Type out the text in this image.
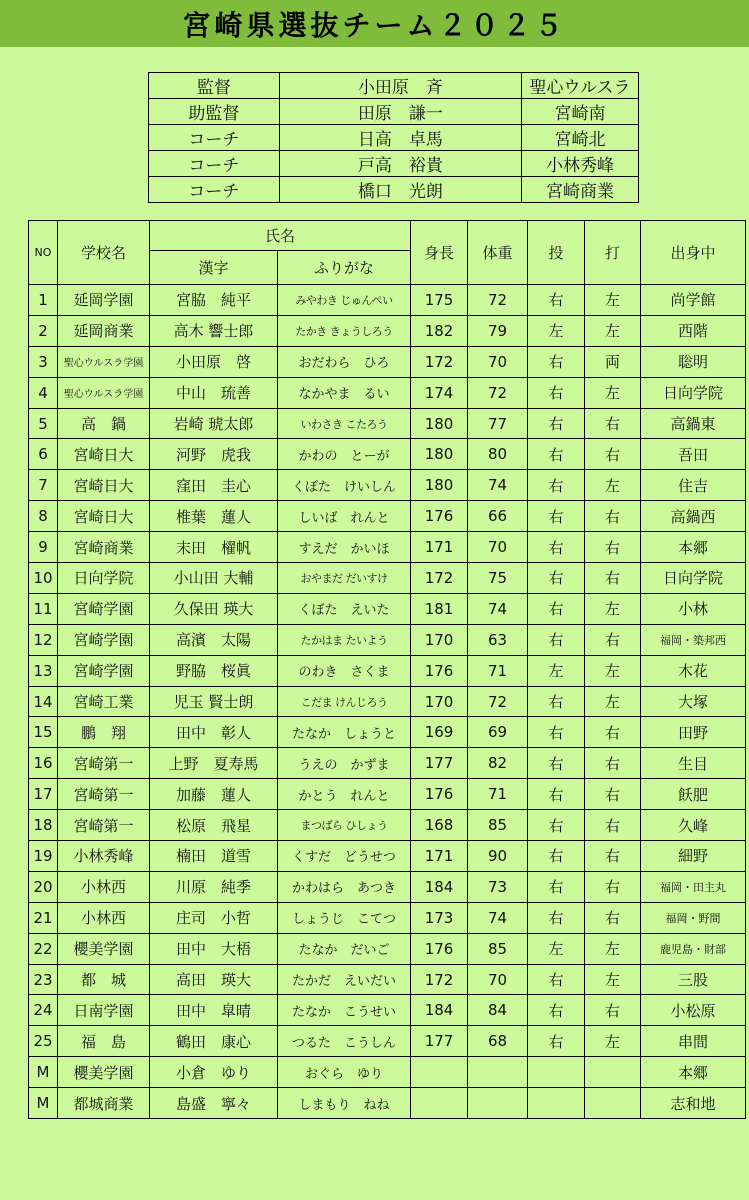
宮崎県選抜チーム２０２５
監督	小田原　斉	聖心ウルスラ
助監督	田原　謙一	宮崎南
コーチ	日高　卓馬	宮崎北
コーチ	戸高　裕貴	小林秀峰
コーチ	橋口　光朗	宮崎商業
NO	学校名	氏名		身長	体重	投	打	出身中
		漢字	ふりがな					
1	延岡学園	宮脇　純平	みやわき じゅんぺい	175	72	右	左	尚学館
2	延岡商業	高木 響士郎	たかき きょうしろう	182	79	左	左	西階
3	聖心ウルスラ学園	小田原　啓	おだわら　ひろ	172	70	右	両	聡明
4	聖心ウルスラ学園	中山　琉善	なかやま　るい	174	72	右	左	日向学院
5	高　鍋	岩崎 琥太郎	いわさき こたろう	180	77	右	右	高鍋東
6	宮崎日大	河野　虎我	かわの　とーが	180	80	右	右	吾田
7	宮崎日大	窪田　圭心	くぼた　けいしん	180	74	右	左	住吉
8	宮崎日大	椎葉　蓮人	しいば　れんと	176	66	右	右	高鍋西
9	宮崎商業	末田　櫂帆	すえだ　かいほ	171	70	右	右	本郷
10	日向学院	小山田 大輔	おやまだ だいすけ	172	75	右	右	日向学院
11	宮崎学園	久保田 瑛大	くぼた　えいた	181	74	右	左	小林
12	宮崎学園	高濱　太陽	たかはま たいよう	170	63	右	右	福岡・築邦西
13	宮崎学園	野脇　桜眞	のわき　さくま	176	71	左	左	木花
14	宮崎工業	児玉 賢士朗	こだま けんじろう	170	72	右	左	大塚
15	鵬　翔	田中　彰人	たなか　しょうと	169	69	右	右	田野
16	宮崎第一	上野　夏寿馬	うえの　かずま	177	82	右	右	生目
17	宮崎第一	加藤　蓮人	かとう　れんと	176	71	右	右	飫肥
18	宮崎第一	松原　飛星	まつばら ひしょう	168	85	右	右	久峰
19	小林秀峰	楠田　道雪	くすだ　どうせつ	171	90	右	右	細野
20	小林西	川原　純季	かわはら　あつき	184	73	右	右	福岡・田主丸
21	小林西	庄司　小哲	しょうじ　こてつ	173	74	右	右	福岡・野間
22	櫻美学園	田中　大梧	たなか　だいご	176	85	左	左	鹿児島・財部
23	都　城	高田　瑛大	たかだ　えいだい	172	70	右	左	三股
24	日南学園	田中　皐晴	たなか　こうせい	184	84	右	右	小松原
25	福　島	鶴田　康心	つるた　こうしん	177	68	右	左	串間
M	櫻美学園	小倉　ゆり	おぐら　ゆり					本郷
M	都城商業	島盛　寧々	しまもり　ねね					志和地
